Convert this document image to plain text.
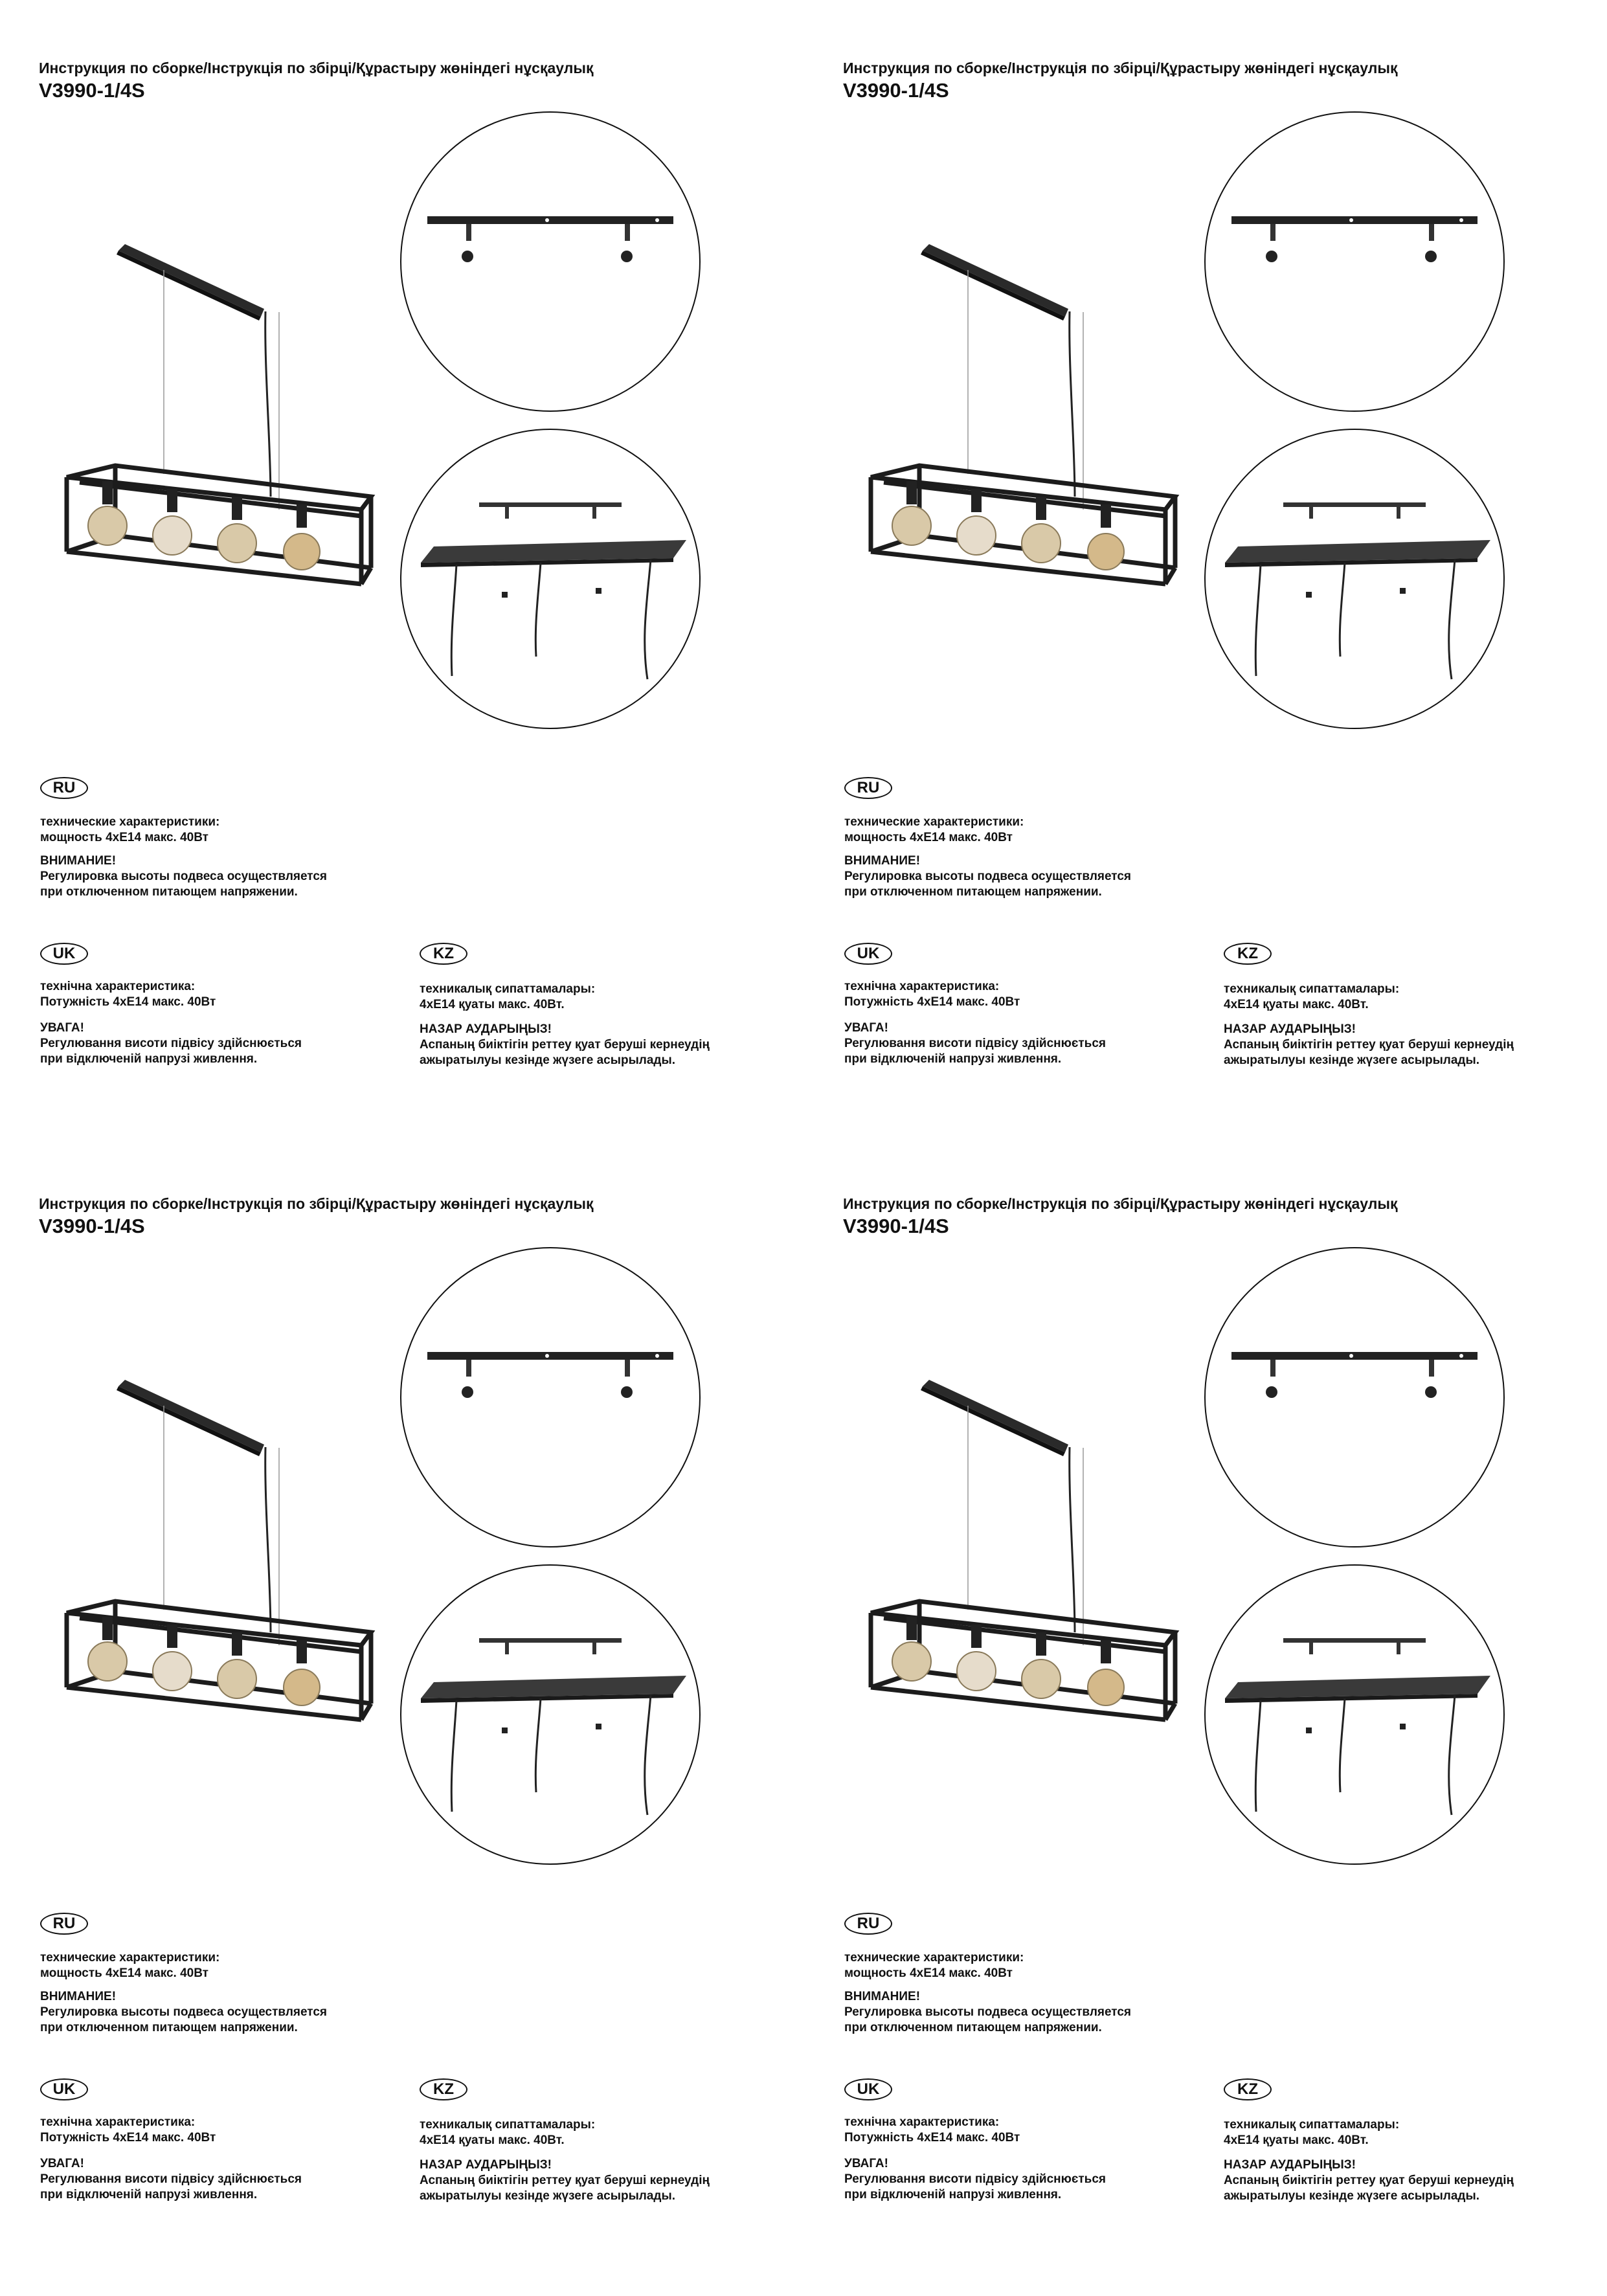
Инструкция по сборке/Інструкція по збірці/Құрастыру жөніндегі нұсқаулық
V3990-1/4S
RU
технические характеристики:
мощность 4хЕ14 макс. 40Вт
ВНИМАНИЕ!
Регулировка высоты подвеса осуществляется
при отключенном питающем напряжении.
UK
технічна характеристика:
Потужність 4хЕ14 макс. 40Вт
УВАГА!
Регулювання висоти підвісу здійснюється
при відключеній напрузі живлення.
KZ
техникалық сипаттамалары:
4хЕ14 қуаты макс. 40Вт.
НАЗАР АУДАРЫҢЫЗ!
Аспаның биіктігін реттеу қуат беруші кернеудің
ажыратылуы кезінде жүзеге асырылады.
Инструкция по сборке/Інструкція по збірці/Құрастыру жөніндегі нұсқаулық
V3990-1/4S
RU
технические характеристики:
мощность 4хЕ14 макс. 40Вт
ВНИМАНИЕ!
Регулировка высоты подвеса осуществляется
при отключенном питающем напряжении.
UK
технічна характеристика:
Потужність 4хЕ14 макс. 40Вт
УВАГА!
Регулювання висоти підвісу здійснюється
при відключеній напрузі живлення.
KZ
техникалық сипаттамалары:
4хЕ14 қуаты макс. 40Вт.
НАЗАР АУДАРЫҢЫЗ!
Аспаның биіктігін реттеу қуат беруші кернеудің
ажыратылуы кезінде жүзеге асырылады.
Инструкция по сборке/Інструкція по збірці/Құрастыру жөніндегі нұсқаулық
V3990-1/4S
RU
технические характеристики:
мощность 4хЕ14 макс. 40Вт
ВНИМАНИЕ!
Регулировка высоты подвеса осуществляется
при отключенном питающем напряжении.
UK
технічна характеристика:
Потужність 4хЕ14 макс. 40Вт
УВАГА!
Регулювання висоти підвісу здійснюється
при відключеній напрузі живлення.
KZ
техникалық сипаттамалары:
4хЕ14 қуаты макс. 40Вт.
НАЗАР АУДАРЫҢЫЗ!
Аспаның биіктігін реттеу қуат беруші кернеудің
ажыратылуы кезінде жүзеге асырылады.
Инструкция по сборке/Інструкція по збірці/Құрастыру жөніндегі нұсқаулық
V3990-1/4S
RU
технические характеристики:
мощность 4хЕ14 макс. 40Вт
ВНИМАНИЕ!
Регулировка высоты подвеса осуществляется
при отключенном питающем напряжении.
UK
технічна характеристика:
Потужність 4хЕ14 макс. 40Вт
УВАГА!
Регулювання висоти підвісу здійснюється
при відключеній напрузі живлення.
KZ
техникалық сипаттамалары:
4хЕ14 қуаты макс. 40Вт.
НАЗАР АУДАРЫҢЫЗ!
Аспаның биіктігін реттеу қуат беруші кернеудің
ажыратылуы кезінде жүзеге асырылады.
